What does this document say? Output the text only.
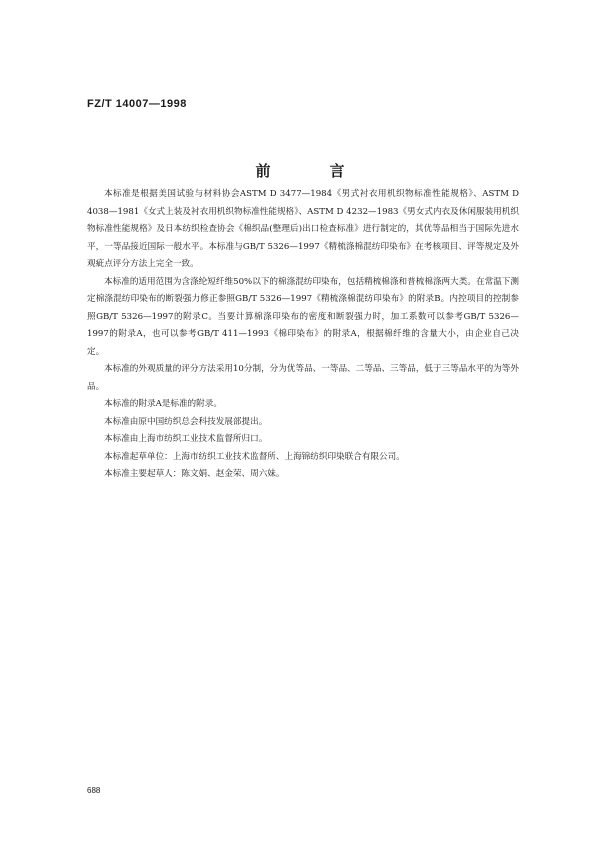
FZ/T 14007—1998
前　言

本标准是根据美国试验与材料协会ASTM D 3477—1984《男式衬衣用机织物标准性能规格》、ASTM D 4038—1981《女式上装及衬衣用机织物标准性能规格》、ASTM D 4232—1983《男女式内衣及休闲服装用机织物标准性能规格》及日本纺织检查协会《棉织品(整理后)出口检查标准》进行制定的，其优等品相当于国际先进水平，一等品接近国际一般水平。本标准与GB/T 5326—1997《精梳涤棉混纺印染布》在考核项目、评等规定及外观疵点评分方法上完全一致。

本标准的适用范围为含涤纶短纤维50%以下的棉涤混纺印染布，包括精梳棉涤和普梳棉涤两大类。在常温下测定棉涤混纺印染布的断裂强力修正参照GB/T 5326—1997《精梳涤棉混纺印染布》的附录B。内控项目的控制参照GB/T 5326—1997的附录C。当要计算棉涤印染布的密度和断裂强力时，加工系数可以参考GB/T 5326—1997的附录A，也可以参考GB/T 411—1993《棉印染布》的附录A，根据棉纤维的含量大小，由企业自己决定。

本标准的外观质量的评分方法采用10分制，分为优等品、一等品、二等品、三等品，低于三等品水平的为等外品。

本标准的附录A是标准的附录。

本标准由原中国纺织总会科技发展部提出。

本标准由上海市纺织工业技术监督所归口。

本标准起草单位：上海市纺织工业技术监督所、上海锦纺织印染联合有限公司。

本标准主要起草人：陈文娟、赵金荣、周六妹。

688
